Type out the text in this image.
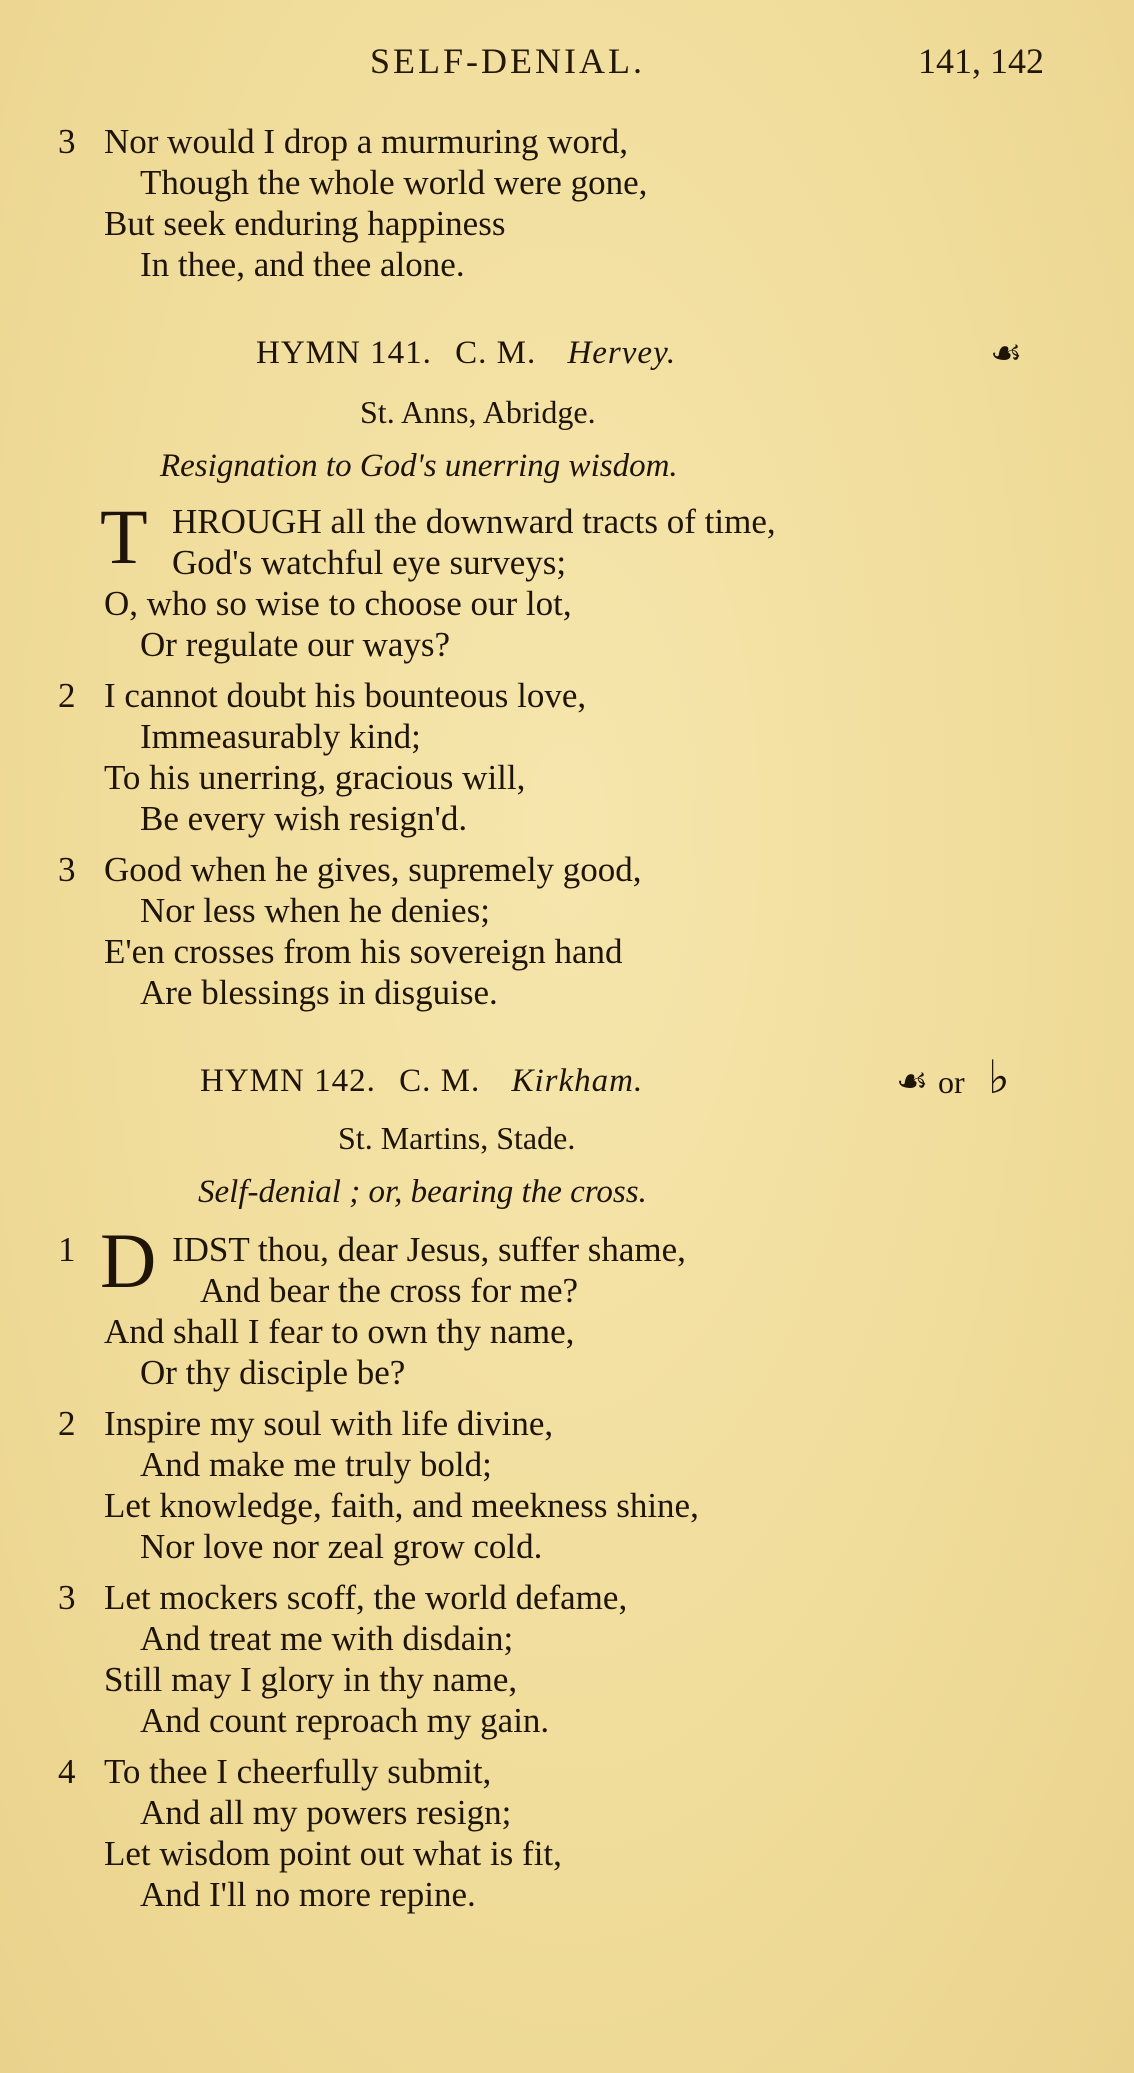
SELF-DENIAL.	141, 142
3 Nor would I drop a murmuring word,
Though the whole world were gone,
But seek enduring happiness
In thee, and thee alone.
HYMN 141. C. M. Hervey.	☙
St. Anns, Abridge.
Resignation to God's unerring wisdom.
T HROUGH all the downward tracts of time,
God's watchful eye surveys;
O, who so wise to choose our lot,
Or regulate our ways?
2 I cannot doubt his bounteous love,
Immeasurably kind;
To his unerring, gracious will,
Be every wish resign'd.
3 Good when he gives, supremely good,
Nor less when he denies;
E'en crosses from his sovereign hand
Are blessings in disguise.
HYMN 142. C. M. Kirkham.	☙ or ♭
St. Martins, Stade.
Self-denial ; or, bearing the cross.
1 D IDST thou, dear Jesus, suffer shame,
And bear the cross for me?
And shall I fear to own thy name,
Or thy disciple be?
2 Inspire my soul with life divine,
And make me truly bold;
Let knowledge, faith, and meekness shine,
Nor love nor zeal grow cold.
3 Let mockers scoff, the world defame,
And treat me with disdain;
Still may I glory in thy name,
And count reproach my gain.
4 To thee I cheerfully submit,
And all my powers resign;
Let wisdom point out what is fit,
And I'll no more repine.
